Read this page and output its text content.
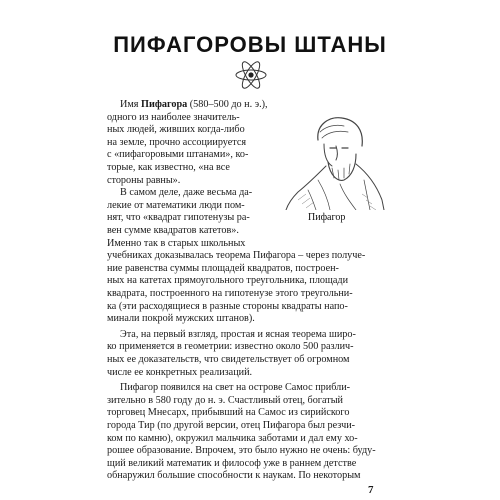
ПИФАГОРОВЫ ШТАНЫ
Пифагор
Имя Пифагора (580–500 до н. э.),
одного из наиболее значитель-
ных людей, живших когда-либо
на земле, прочно ассоциируется
с «пифагоровыми штанами», ко-
торые, как известно, «на все
стороны равны».
В самом деле, даже весьма да-
лекие от математики люди пом-
нят, что «квадрат гипотенузы ра-
вен сумме квадратов катетов».
Именно так в старых школьных
учебниках доказывалась теорема Пифагора – через получе-
ние равенства суммы площадей квадратов, построен-
ных на катетах прямоугольного треугольника, площади
квадрата, построенного на гипотенузе этого треугольни-
ка (эти расходящиеся в разные стороны квадраты напо-
минали покрой мужских штанов).
Эта, на первый взгляд, простая и ясная теорема широ-
ко применяется в геометрии: известно около 500 различ-
ных ее доказательств, что свидетельствует об огромном
числе ее конкретных реализаций.
Пифагор появился на свет на острове Самос прибли-
зительно в 580 году до н. э. Счастливый отец, богатый
торговец Мнесарх, прибывший на Самос из сирийского
города Тир (по другой версии, отец Пифагора был резчи-
ком по камню), окружил мальчика заботами и дал ему хо-
рошее образование. Впрочем, это было нужно не очень: буду-
щий великий математик и философ уже в раннем детстве
обнаружил большие способности к наукам. По некоторым
7
